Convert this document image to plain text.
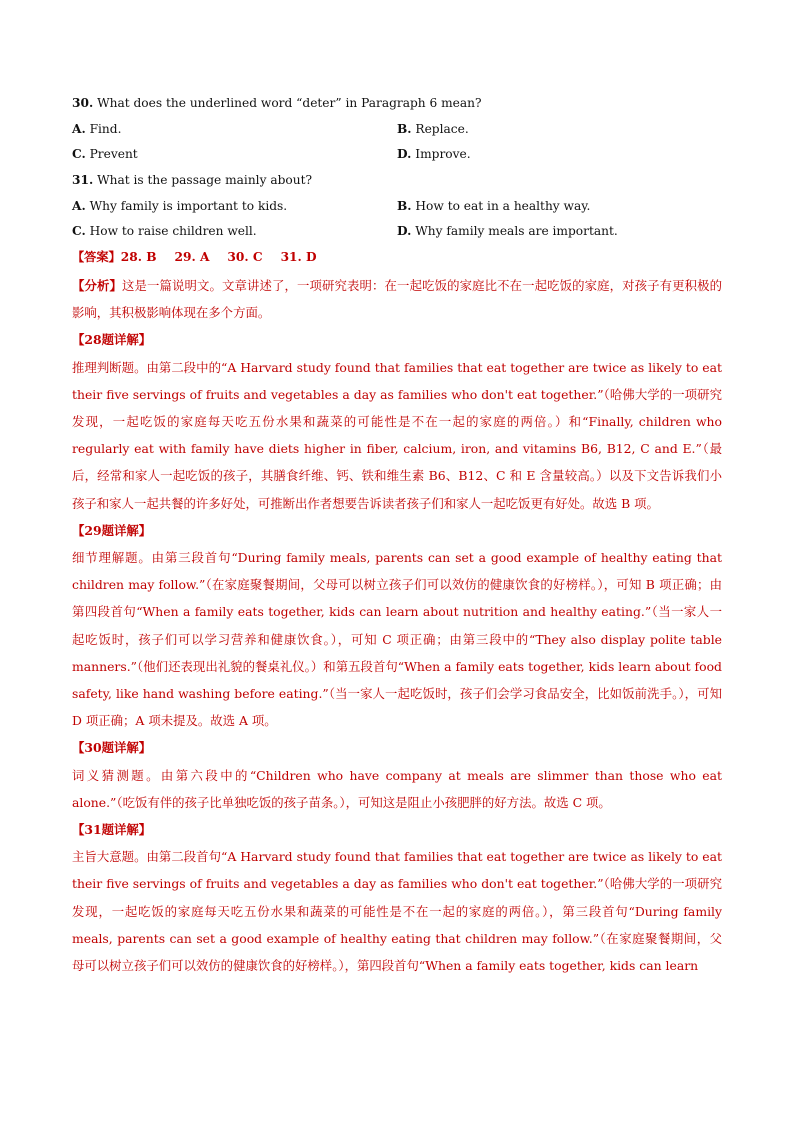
30. What does the underlined word “deter” in Paragraph 6 mean?
A. Find.	B. Replace.
C. Prevent	D. Improve.
31. What is the passage mainly about?
A. Why family is important to kids.	B. How to eat in a healthy way.
C. How to raise children well.	D. Why family meals are important.
【答案】28. B 29. A 30. C 31. D

【分析】这是一篇说明文。文章讲述了，一项研究表明：在一起吃饭的家庭比不在一起吃饭的家庭，对孩子有更积极的影响，其积极影响体现在多个方面。

【28题详解】

推理判断题。由第二段中的“A Harvard study found that families that eat together are twice as likely to eat their five servings of fruits and vegetables a day as families who don't eat together.”（哈佛大学的一项研究发现，一起吃饭的家庭每天吃五份水果和蔬菜的可能性是不在一起的家庭的两倍。）和“Finally, children who regularly eat with family have diets higher in fiber, calcium, iron, and vitamins B6, B12, C and E.”（最后，经常和家人一起吃饭的孩子，其膳食纤维、钙、铁和维生素 B6、B12、C 和 E 含量较高。）以及下文告诉我们小孩子和家人一起共餐的许多好处，可推断出作者想要告诉读者孩子们和家人一起吃饭更有好处。故选 B 项。

【29题详解】

细节理解题。由第三段首句“During family meals, parents can set a good example of healthy eating that children may follow.”（在家庭聚餐期间，父母可以树立孩子们可以效仿的健康饮食的好榜样。），可知 B 项正确；由第四段首句“When a family eats together, kids can learn about nutrition and healthy eating.”（当一家人一起吃饭时，孩子们可以学习营养和健康饮食。），可知 C 项正确；由第三段中的“They also display polite table manners.”（他们还表现出礼貌的餐桌礼仪。）和第五段首句“When a family eats together, kids learn about food safety, like hand washing before eating.”（当一家人一起吃饭时，孩子们会学习食品安全，比如饭前洗手。），可知 D 项正确；A 项未提及。故选 A 项。

【30题详解】

词义猜测题。由第六段中的“Children who have company at meals are slimmer than those who eat alone.”（吃饭有伴的孩子比单独吃饭的孩子苗条。），可知这是阻止小孩肥胖的好方法。故选 C 项。

【31题详解】

主旨大意题。由第二段首句“A Harvard study found that families that eat together are twice as likely to eat their five servings of fruits and vegetables a day as families who don't eat together.”（哈佛大学的一项研究发现，一起吃饭的家庭每天吃五份水果和蔬菜的可能性是不在一起的家庭的两倍。），第三段首句“During family meals, parents can set a good example of healthy eating that children may follow.”（在家庭聚餐期间，父母可以树立孩子们可以效仿的健康饮食的好榜样。），第四段首句“When a family eats together, kids can learn
